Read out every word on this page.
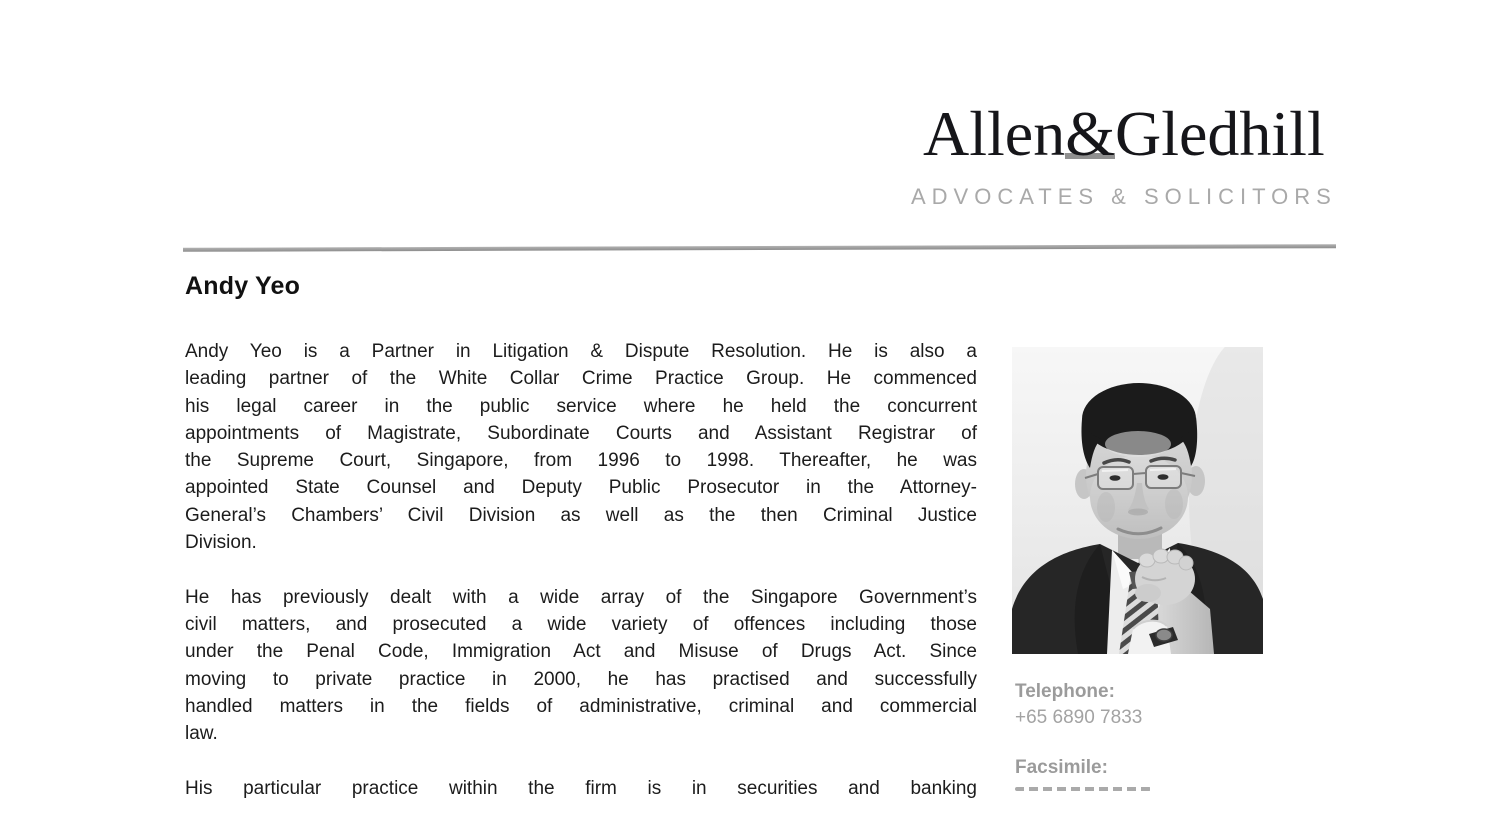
Allen&Gledhill
ADVOCATES & SOLICITORS
Andy Yeo
Andy Yeo is a Partner in Litigation & Dispute Resolution. He is also a
leading partner of the White Collar Crime Practice Group. He commenced
his legal career in the public service where he held the concurrent
appointments of Magistrate, Subordinate Courts and Assistant Registrar of
the Supreme Court, Singapore, from 1996 to 1998. Thereafter, he was
appointed State Counsel and Deputy Public Prosecutor in the Attorney-
General’s Chambers’ Civil Division as well as the then Criminal Justice
Division.
He has previously dealt with a wide array of the Singapore Government’s
civil matters, and prosecuted a wide variety of offences including those
under the Penal Code, Immigration Act and Misuse of Drugs Act. Since
moving to private practice in 2000, he has practised and successfully
handled matters in the fields of administrative, criminal and commercial
law.
His particular practice within the firm is in securities and banking
Telephone:
+65 6890 7833
Facsimile:
